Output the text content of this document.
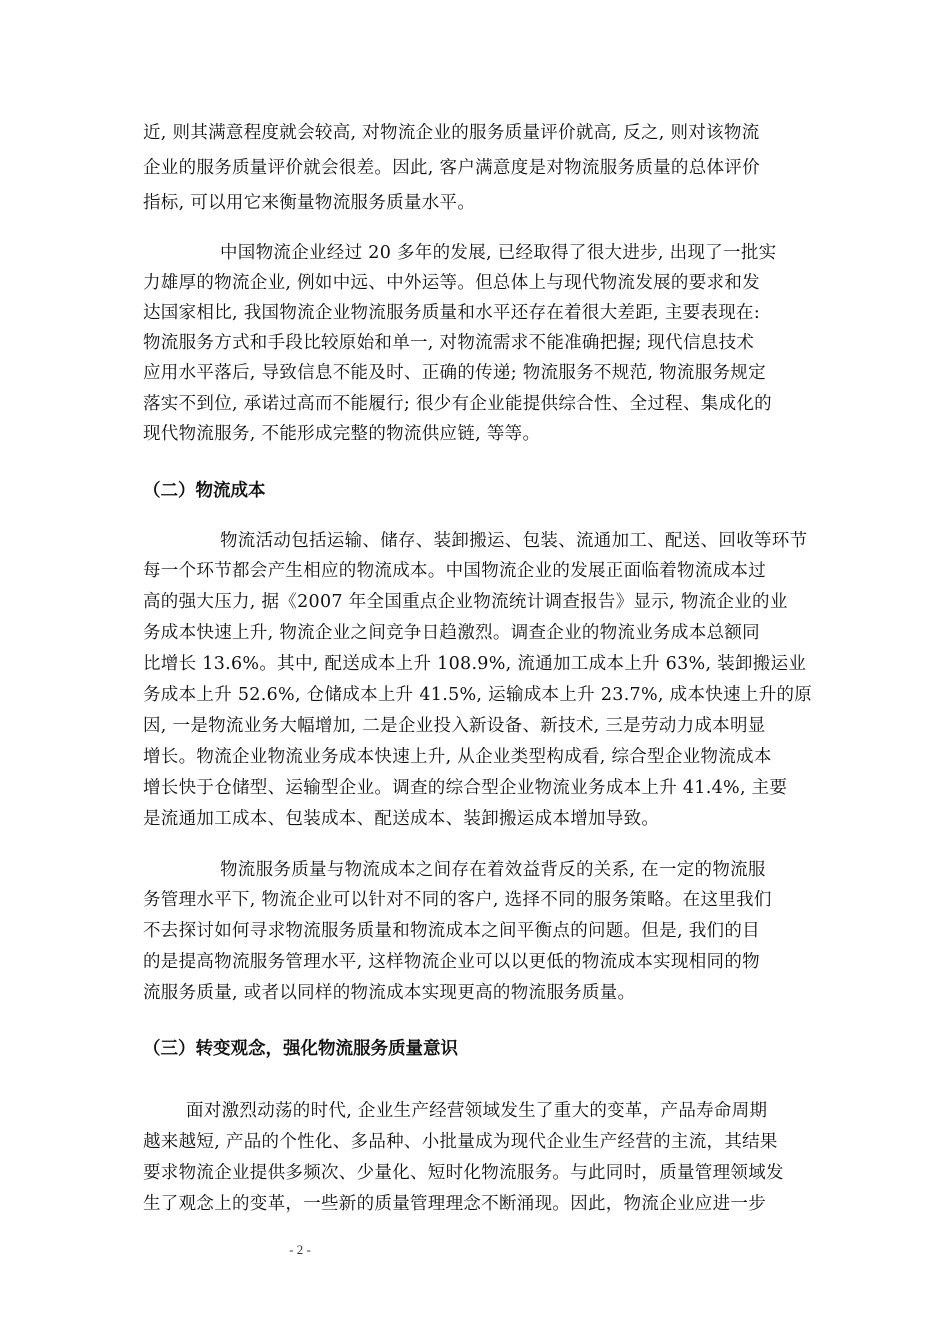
近, 则其满意程度就会较高, 对物流企业的服务质量评价就高, 反之, 则对该物流
企业的服务质量评价就会很差。因此, 客户满意度是对物流服务质量的总体评价
指标, 可以用它来衡量物流服务质量水平。
中国物流企业经过 20 多年的发展, 已经取得了很大进步, 出现了一批实
力雄厚的物流企业, 例如中远、中外运等。但总体上与现代物流发展的要求和发
达国家相比, 我国物流企业物流服务质量和水平还存在着很大差距, 主要表现在:
物流服务方式和手段比较原始和单一, 对物流需求不能准确把握; 现代信息技术
应用水平落后, 导致信息不能及时、正确的传递; 物流服务不规范, 物流服务规定
落实不到位, 承诺过高而不能履行; 很少有企业能提供综合性、全过程、集成化的
现代物流服务, 不能形成完整的物流供应链, 等等。
（二）物流成本
物流活动包括运输、储存、装卸搬运、包装、流通加工、配送、回收等环节
每一个环节都会产生相应的物流成本。中国物流企业的发展正面临着物流成本过
高的强大压力, 据《2007 年全国重点企业物流统计调查报告》显示, 物流企业的业
务成本快速上升, 物流企业之间竞争日趋激烈。调查企业的物流业务成本总额同
比增长 13.6%。其中, 配送成本上升 108.9%, 流通加工成本上升 63%, 装卸搬运业
务成本上升 52.6%, 仓储成本上升 41.5%, 运输成本上升 23.7%, 成本快速上升的原
因, 一是物流业务大幅增加, 二是企业投入新设备、新技术, 三是劳动力成本明显
增长。物流企业物流业务成本快速上升, 从企业类型构成看, 综合型企业物流成本
增长快于仓储型、运输型企业。调查的综合型企业物流业务成本上升 41.4%, 主要
是流通加工成本、包装成本、配送成本、装卸搬运成本增加导致。
物流服务质量与物流成本之间存在着效益背反的关系, 在一定的物流服
务管理水平下, 物流企业可以针对不同的客户, 选择不同的服务策略。在这里我们
不去探讨如何寻求物流服务质量和物流成本之间平衡点的问题。但是, 我们的目
的是提高物流服务管理水平, 这样物流企业可以以更低的物流成本实现相同的物
流服务质量, 或者以同样的物流成本实现更高的物流服务质量。
（三）转变观念，强化物流服务质量意识
面对激烈动荡的时代, 企业生产经营领域发生了重大的变革，产品寿命周期
越来越短, 产品的个性化、多品种、小批量成为现代企业生产经营的主流，其结果
要求物流企业提供多频次、少量化、短时化物流服务。与此同时，质量管理领域发
生了观念上的变革，一些新的质量管理理念不断涌现。因此，物流企业应进一步
- 2 -
